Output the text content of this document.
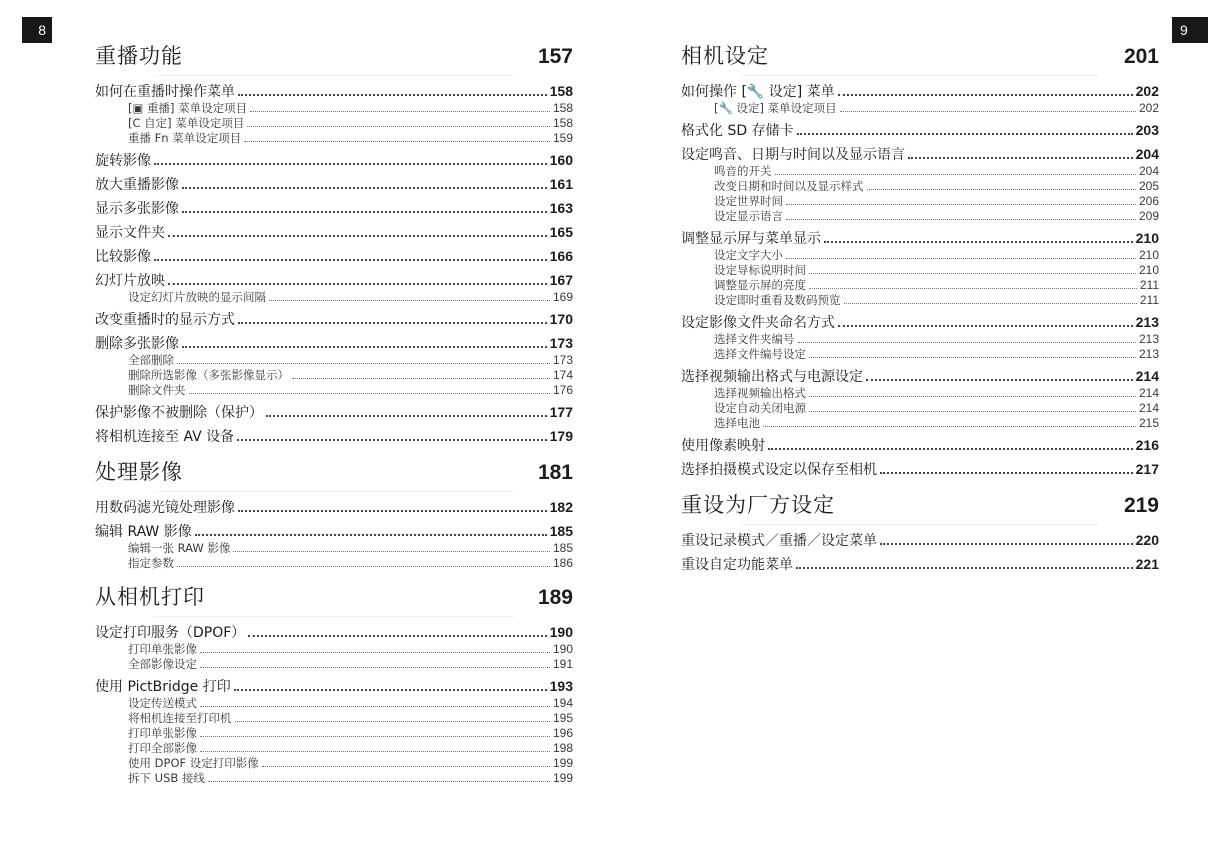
8	9
重播功能	157
如何在重播时操作菜单	158
[▣ 重播] 菜单设定项目	158
[C 自定] 菜单设定项目	158
重播 Fn 菜单设定项目	159
旋转影像	160
放大重播影像	161
显示多张影像	163
显示文件夹	165
比较影像	166
幻灯片放映	167
设定幻灯片放映的显示间隔	169
改变重播时的显示方式	170
删除多张影像	173
全部删除	173
删除所选影像（多张影像显示）	174
删除文件夹	176
保护影像不被删除（保护）	177
将相机连接至 AV 设备	179
处理影像	181
用数码滤光镜处理影像	182
编辑 RAW 影像	185
编辑一张 RAW 影像	185
指定参数	186
从相机打印	189
设定打印服务（DPOF）	190
打印单张影像	190
全部影像设定	191
使用 PictBridge 打印	193
设定传送模式	194
将相机连接至打印机	195
打印单张影像	196
打印全部影像	198
使用 DPOF 设定打印影像	199
拆下 USB 接线	199
相机设定	201
如何操作 [🔧 设定] 菜单	202
[🔧 设定] 菜单设定项目	202
格式化 SD 存储卡	203
设定鸣音、日期与时间以及显示语言	204
鸣音的开关	204
改变日期和时间以及显示样式	205
设定世界时间	206
设定显示语言	209
调整显示屏与菜单显示	210
设定文字大小	210
设定导标说明时间	210
调整显示屏的亮度	211
设定即时重看及数码预览	211
设定影像文件夹命名方式	213
选择文件夹编号	213
选择文件编号设定	213
选择视频输出格式与电源设定	214
选择视频输出格式	214
设定自动关闭电源	214
选择电池	215
使用像素映射	216
选择拍摄模式设定以保存至相机	217
重设为厂方设定	219
重设记录模式／重播／设定菜单	220
重设自定功能菜单	221
